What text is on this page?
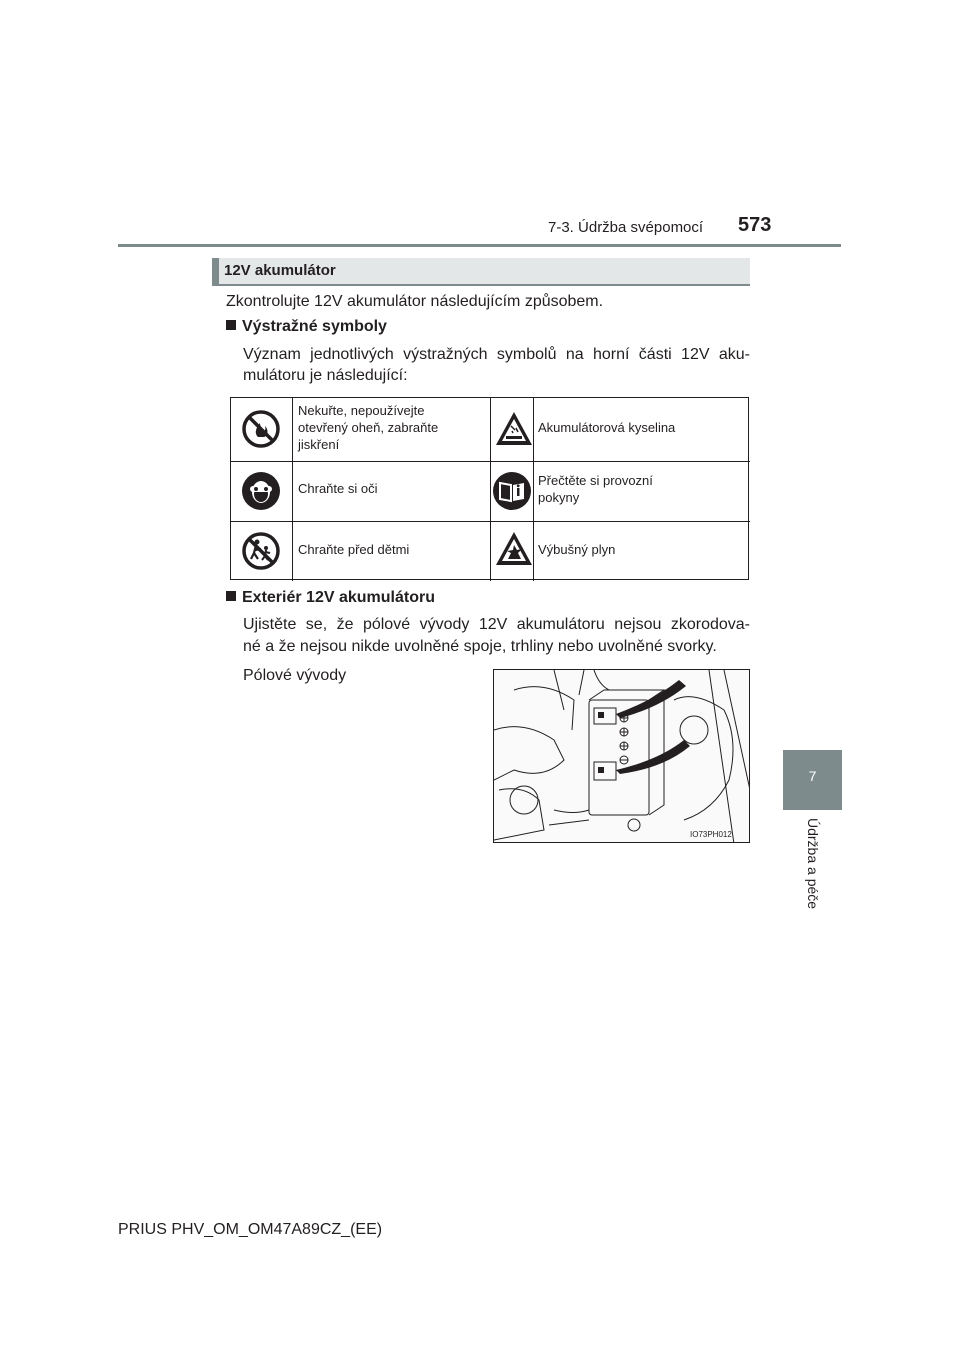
7-3. Údržba svépomocí 573
7
Údržba a péče
12V akumulátor
Zkontrolujte 12V akumulátor následujícím způsobem.
Výstražné symboly
Význam jednotlivých výstražných symbolů na horní části 12V aku-
mulátoru je následující:
Nekuřte, nepoužívejte
otevřený oheň, zabraňte
jiskření
Akumulátorová kyselina
Chraňte si oči
Přečtěte si provozní
pokyny
Chraňte před dětmi	Výbušný plyn
Exteriér 12V akumulátoru
Ujistěte se, že pólové vývody 12V akumulátoru nejsou zkorodova-
né a že nejsou nikde uvolněné spoje, trhliny nebo uvolněné svorky.
Pólové vývody
IO73PH012
PRIUS PHV_OM_OM47A89CZ_(EE)
